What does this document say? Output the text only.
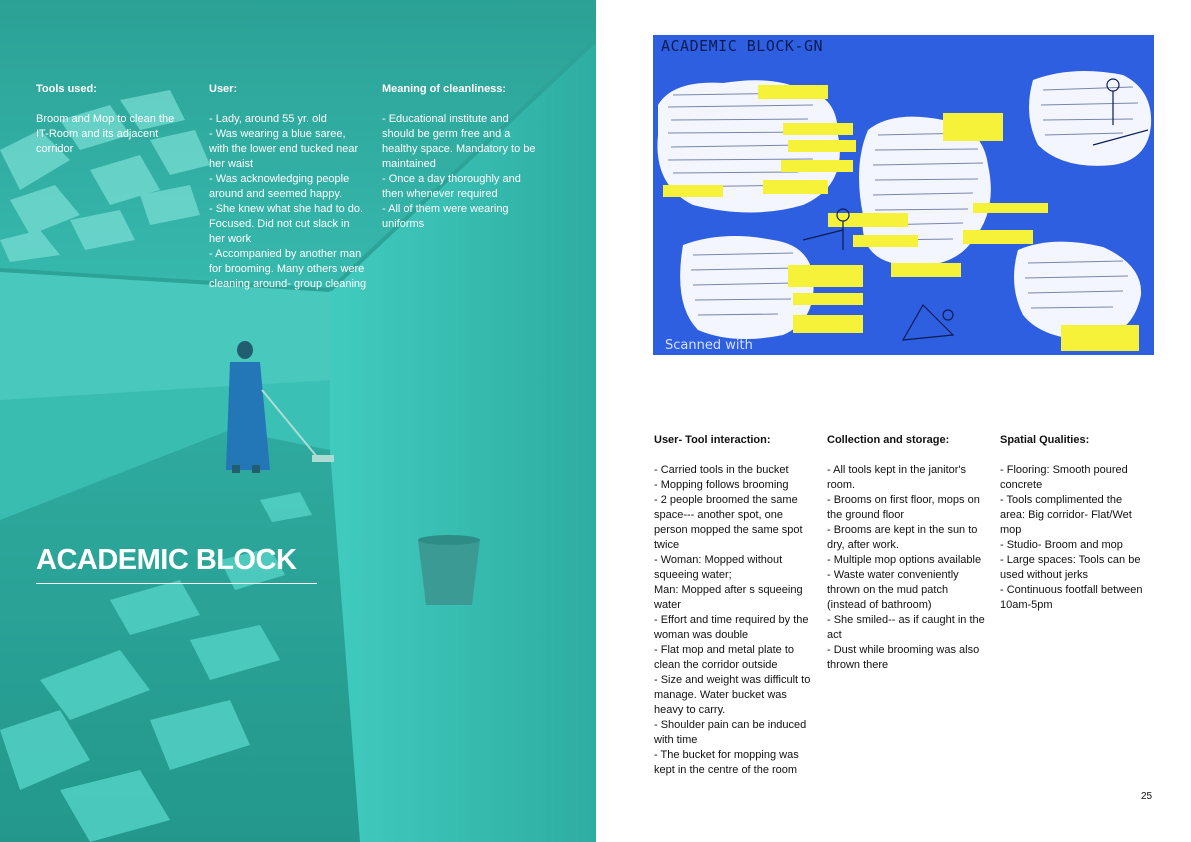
Tools used:

Broom and Mop to clean the IT-Room and its adjacent corridor

User:

- Lady, around 55 yr. old
- Was wearing a blue saree, with the lower end tucked near her waist
- Was acknowledging people around and seemed happy.
- She knew what she had to do. Focused. Did not cut slack in her work
- Accompanied by another man for brooming. Many others were cleaning around- group cleaning

Meaning of cleanliness:

- Educational institute and should be germ free and a healthy space. Mandatory to be maintained
- Once a day thoroughly and then whenever required
- All of them were wearing uniforms

ACADEMIC BLOCK
ACADEMIC BLOCK-GN
Scanned with
User- Tool interaction:

- Carried tools in the bucket
- Mopping follows brooming
- 2 people broomed the same space--- another spot, one person mopped the same spot twice
- Woman: Mopped without squeeing water;
Man: Mopped after s squeeing water
- Effort and time required by the woman was double
- Flat mop and metal plate to clean the corridor outside
- Size and weight was difficult to manage. Water bucket was heavy to carry.
- Shoulder pain can be induced with time
- The bucket for mopping was kept in the centre of the room

Collection and storage:

- All tools kept in the janitor's room.
- Brooms on first floor, mops on the ground floor
- Brooms are kept in the sun to dry, after work.
- Multiple mop options available
- Waste water conveniently thrown on the mud patch (instead of bathroom)
- She smiled-- as if caught in the act
- Dust while brooming was also thrown there

Spatial Qualities:

- Flooring: Smooth poured concrete
- Tools complimented the area: Big corridor- Flat/Wet mop
- Studio- Broom and mop
- Large spaces: Tools can be used without jerks
- Continuous footfall between 10am-5pm

25
